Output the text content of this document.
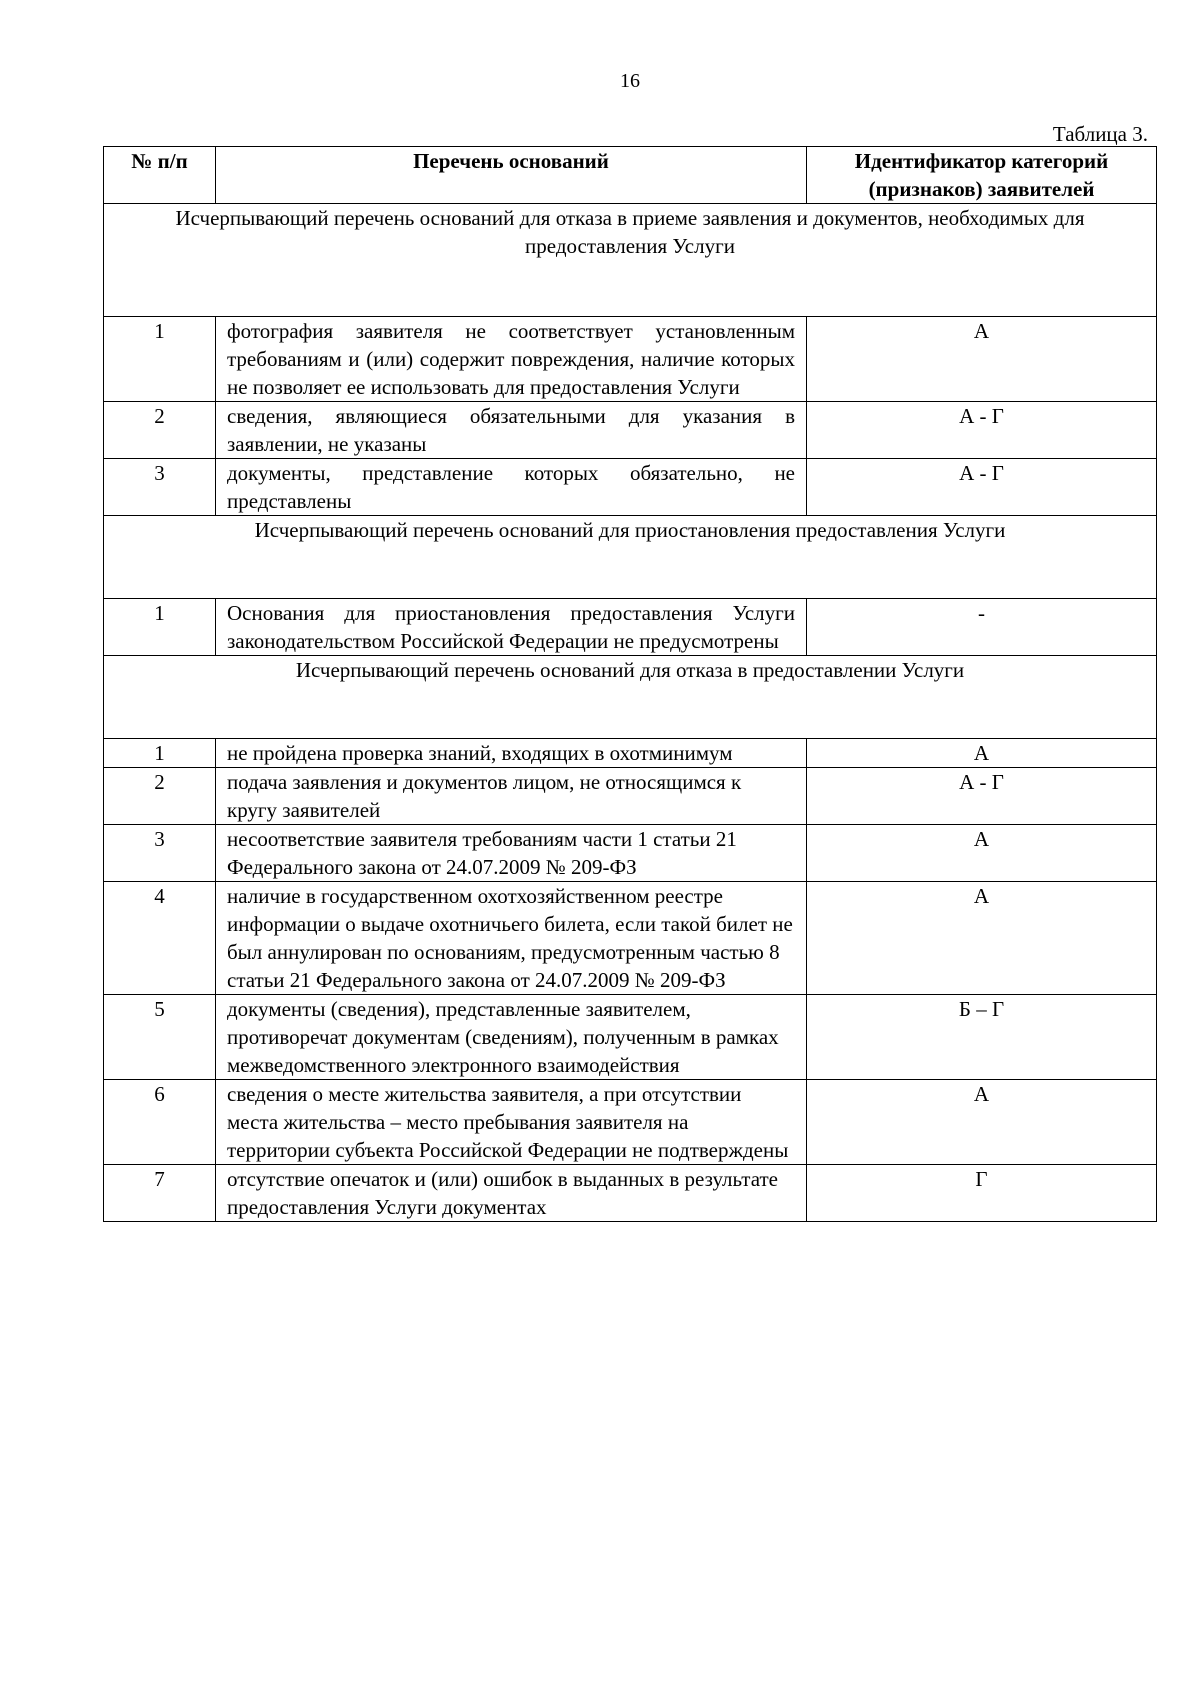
16
Таблица 3.
№ п/п	Перечень оснований	Идентификатор категорий (признаков) заявителей
Исчерпывающий перечень оснований для отказа в приеме заявления и документов, необходимых для предоставления Услуги		
1	фотография заявителя не соответствует установленным требованиям и (или) содержит повреждения, наличие которых не позволяет ее использовать для предоставления Услуги	А
2	сведения, являющиеся обязательными для указания в заявлении, не указаны	А - Г
3	документы, представление которых обязательно, не представлены	А - Г
Исчерпывающий перечень оснований для приостановления предоставления Услуги		
1	Основания для приостановления предоставления Услуги законодательством Российской Федерации не предусмотрены	-
Исчерпывающий перечень оснований для отказа в предоставлении Услуги		
1	не пройдена проверка знаний, входящих в охотминимум	А
2	подача заявления и документов лицом, не относящимся к кругу заявителей	А - Г
3	несоответствие заявителя требованиям части 1 статьи 21 Федерального закона от 24.07.2009 № 209-ФЗ	А
4	наличие в государственном охотхозяйственном реестре информации о выдаче охотничьего билета, если такой билет не был аннулирован по основаниям, предусмотренным частью 8 статьи 21 Федерального закона от 24.07.2009 № 209-ФЗ	А
5	документы (сведения), представленные заявителем, противоречат документам (сведениям), полученным в рамках межведомственного электронного взаимодействия	Б – Г
6	сведения о месте жительства заявителя, а при отсутствии места жительства – место пребывания заявителя на территории субъекта Российской Федерации не подтверждены	А
7	отсутствие опечаток и (или) ошибок в выданных в результате предоставления Услуги документах	Г
